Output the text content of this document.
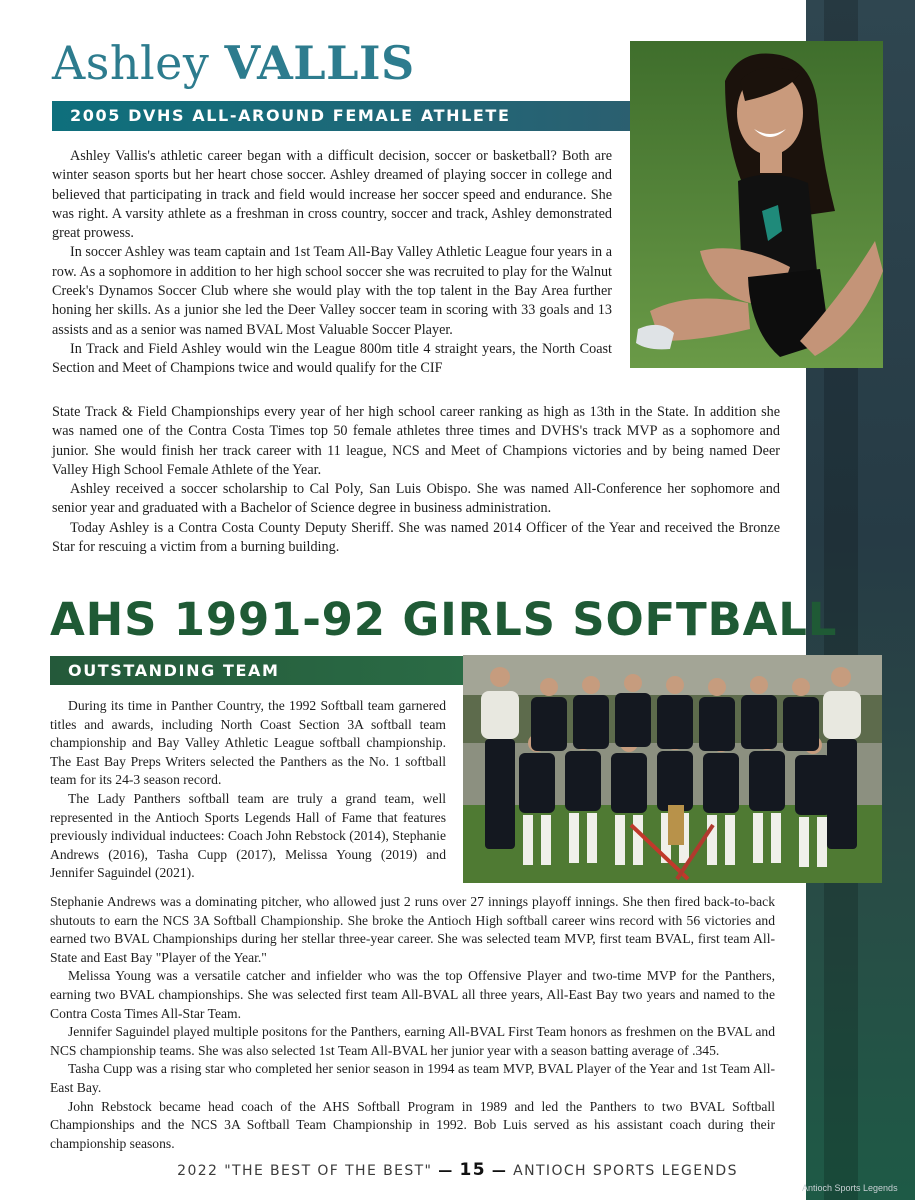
Ashley VALLIS
2005 DVHS ALL-AROUND FEMALE ATHLETE

Ashley Vallis's athletic career began with a difficult decision, soccer or basketball? Both are winter season sports but her heart chose soccer. Ashley dreamed of playing soccer in college and believed that participating in track and field would increase her soccer speed and endurance. She was right. A varsity athlete as a freshman in cross country, soccer and track, Ashley demonstrated great prowess.

In soccer Ashley was team captain and 1st Team All-Bay Valley Athletic League four years in a row. As a sophomore in addition to her high school soccer she was recruited to play for the Walnut Creek's Dynamos Soccer Club where she would play with the top talent in the Bay Area further honing her skills. As a junior she led the Deer Valley soccer team in scoring with 33 goals and 13 assists and as a senior was named BVAL Most Valuable Soccer Player.

In Track and Field Ashley would win the League 800m title 4 straight years, the North Coast Section and Meet of Champions twice and would qualify for the CIF

State Track & Field Championships every year of her high school career ranking as high as 13th in the State. In addition she was named one of the Contra Costa Times top 50 female athletes three times and DVHS's track MVP as a sophomore and junior. She would finish her track career with 11 league, NCS and Meet of Champions victories and by being named Deer Valley High School Female Athlete of the Year.

Ashley received a soccer scholarship to Cal Poly, San Luis Obispo. She was named All-Conference her sophomore and senior year and graduated with a Bachelor of Science degree in business administration.

Today Ashley is a Contra Costa County Deputy Sheriff. She was named 2014 Officer of the Year and received the Bronze Star for rescuing a victim from a burning building.

AHS 1991-92 GIRLS SOFTBALL
OUTSTANDING TEAM

During its time in Panther Country, the 1992 Softball team garnered titles and awards, including North Coast Section 3A softball team championship and Bay Valley Athletic League softball championship. The East Bay Preps Writers selected the Panthers as the No. 1 softball team for its 24-3 season record.

The Lady Panthers softball team are truly a grand team, well represented in the Antioch Sports Legends Hall of Fame that features previously individual inductees: Coach John Rebstock (2014), Stephanie Andrews (2016), Tasha Cupp (2017), Melissa Young (2019) and Jennifer Saguindel (2021).

Stephanie Andrews was a dominating pitcher, who allowed just 2 runs over 27 innings playoff innings. She then fired back-to-back shutouts to earn the NCS 3A Softball Championship. She broke the Antioch High softball career wins record with 56 victories and earned two BVAL Championships during her stellar three-year career. She was selected team MVP, first team BVAL, first team All-State and East Bay "Player of the Year."

Melissa Young was a versatile catcher and infielder who was the top Offensive Player and two-time MVP for the Panthers, earning two BVAL championships. She was selected first team All-BVAL all three years, All-East Bay two years and named to the Contra Costa Times All-Star Team.

Jennifer Saguindel played multiple positons for the Panthers, earning All-BVAL First Team honors as freshmen on the BVAL and NCS championship teams. She was also selected 1st Team All-BVAL her junior year with a season batting average of .345.

Tasha Cupp was a rising star who completed her senior season in 1994 as team MVP, BVAL Player of the Year and 1st Team All-East Bay.

John Rebstock became head coach of the AHS Softball Program in 1989 and led the Panthers to two BVAL Softball Championships and the NCS 3A Softball Team Championship in 1992. Bob Luis served as his assistant coach during their championship seasons.

2022 "THE BEST OF THE BEST" — 15 — ANTIOCH SPORTS LEGENDS
Antioch Sports Legends
